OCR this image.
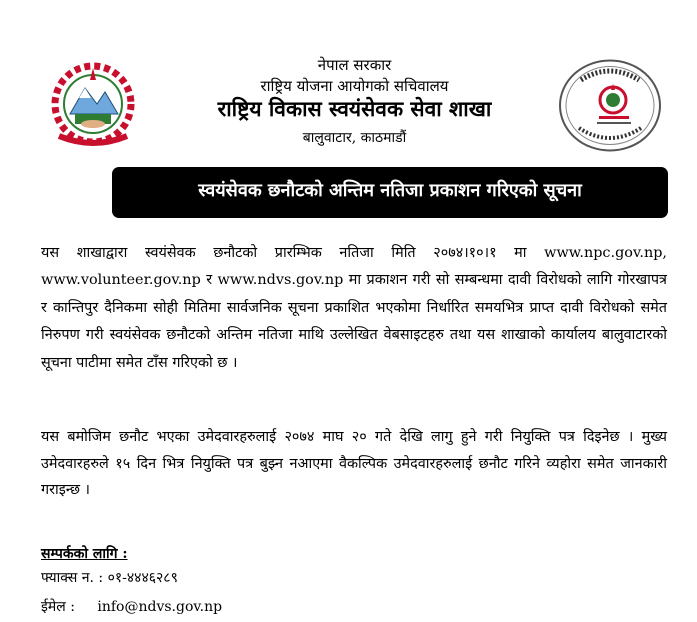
नेपाल सरकार
राष्ट्रिय योजना आयोगको सचिवालय
राष्ट्रिय विकास स्वयंसेवक सेवा शाखा
बालुवाटार, काठमाडौं
स्वयंसेवक छनौटको अन्तिम नतिजा प्रकाशन गरिएको सूचना
यस शाखाद्वारा स्वयंसेवक छनौटको प्रारम्भिक नतिजा मिति २०७४।१०।१ मा www.npc.gov.np, www.volunteer.gov.np र www.ndvs.gov.np मा प्रकाशन गरी सो सम्बन्धमा दावी विरोधको लागि गोरखापत्र र कान्तिपुर दैनिकमा सोही मितिमा सार्वजनिक सूचना प्रकाशित भएकोमा निर्धारित समयभित्र प्राप्त दावी विरोधको समेत निरुपण गरी स्वयंसेवक छनौटको अन्तिम नतिजा माथि उल्लेखित वेबसाइटहरु तथा यस शाखाको कार्यालय बालुवाटारको सूचना पाटीमा समेत टाँस गरिएको छ ।
यस बमोजिम छनौट भएका उमेदवारहरुलाई २०७४ माघ २० गते देखि लागु हुने गरी नियुक्ति पत्र दिइनेछ । मुख्य उमेदवारहरुले १५ दिन भित्र नियुक्ति पत्र बुझ्न नआएमा वैकल्पिक उमेदवारहरुलाई छनौट गरिने व्यहोरा समेत जानकारी गराइन्छ ।
सम्पर्कको लागि :
फ्याक्स न. : ०१-४४४६२८९
ईमेल : info@ndvs.gov.np
